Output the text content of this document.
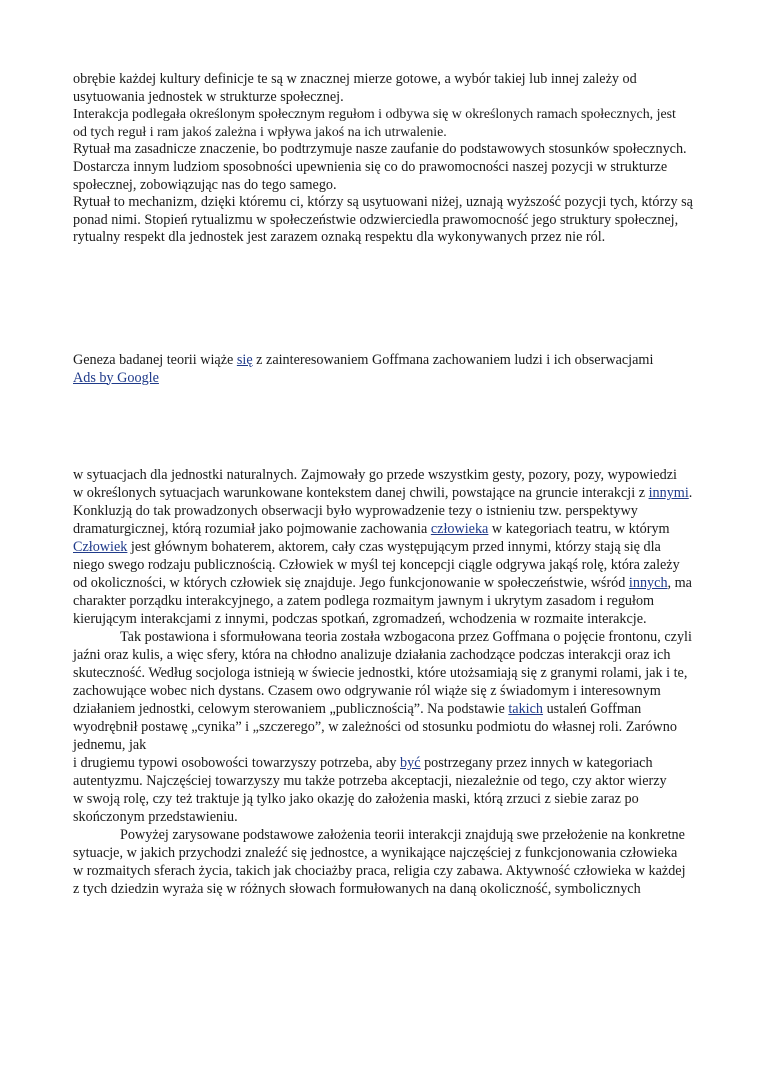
obrębie każdej kultury definicje te są w znacznej mierze gotowe, a wybór takiej lub innej zależy od usytuowania jednostek w strukturze społecznej.

Interakcja podlegała określonym społecznym regułom i odbywa się w określonych ramach społecznych, jest od tych reguł i ram jakoś zależna i wpływa jakoś na ich utrwalenie.

Rytuał ma zasadnicze znaczenie, bo podtrzymuje nasze zaufanie do podstawowych stosunków społecznych. Dostarcza innym ludziom sposobności upewnienia się co do prawomocności naszej pozycji w strukturze społecznej, zobowiązując nas do tego samego.

Rytuał to mechanizm, dzięki któremu ci, którzy są usytuowani niżej, uznają wyższość pozycji tych, którzy są ponad nimi. Stopień rytualizmu w społeczeństwie odzwierciedla prawomocność jego struktury społecznej, rytualny respekt dla jednostek jest zarazem oznaką respektu dla wykonywanych przez nie ról.

Geneza badanej teorii wiąże się z zainteresowaniem Goffmana zachowaniem ludzi i ich obserwacjami

Ads by Google

w sytuacjach dla jednostki naturalnych. Zajmowały go przede wszystkim gesty, pozory, pozy, wypowiedzi
w określonych sytuacjach warunkowane kontekstem danej chwili, powstające na gruncie interakcji z innymi. Konkluzją do tak prowadzonych obserwacji było wyprowadzenie tezy o istnieniu tzw. perspektywy dramaturgicznej, którą rozumiał jako pojmowanie zachowania człowieka w kategoriach teatru, w którym Człowiek jest głównym bohaterem, aktorem, cały czas występującym przed innymi, którzy stają się dla niego swego rodzaju publicznością. Człowiek w myśl tej koncepcji ciągle odgrywa jakąś rolę, która zależy od okoliczności, w których człowiek się znajduje. Jego funkcjonowanie w społeczeństwie, wśród innych, ma charakter porządku interakcyjnego, a zatem podlega rozmaitym jawnym i ukrytym zasadom i regułom kierującym interakcjami z innymi, podczas spotkań, zgromadzeń, wchodzenia w rozmaite interakcje.

Tak postawiona i sformułowana teoria została wzbogacona przez Goffmana o pojęcie frontonu, czyli jaźni oraz kulis, a więc sfery, która na chłodno analizuje działania zachodzące podczas interakcji oraz ich skuteczność. Według socjologa istnieją w świecie jednostki, które utożsamiają się z granymi rolami, jak i te, zachowujące wobec nich dystans. Czasem owo odgrywanie ról wiąże się z świadomym i interesownym działaniem jednostki, celowym sterowaniem „publicznością”. Na podstawie takich ustaleń Goffman wyodrębnił postawę „cynika” i „szczerego”, w zależności od stosunku podmiotu do własnej roli. Zarówno jednemu, jak

i drugiemu typowi osobowości towarzyszy potrzeba, aby być postrzegany przez innych w kategoriach autentyzmu. Najczęściej towarzyszy mu także potrzeba akceptacji, niezależnie od tego, czy aktor wierzy
w swoją rolę, czy też traktuje ją tylko jako okazję do założenia maski, którą zrzuci z siebie zaraz po skończonym przedstawieniu.

Powyżej zarysowane podstawowe założenia teorii interakcji znajdują swe przełożenie na konkretne sytuacje, w jakich przychodzi znaleźć się jednostce, a wynikające najczęściej z funkcjonowania człowieka

w rozmaitych sferach życia, takich jak chociażby praca, religia czy zabawa. Aktywność człowieka w każdej
z tych dziedzin wyraża się w różnych słowach formułowanych na daną okoliczność, symbolicznych
